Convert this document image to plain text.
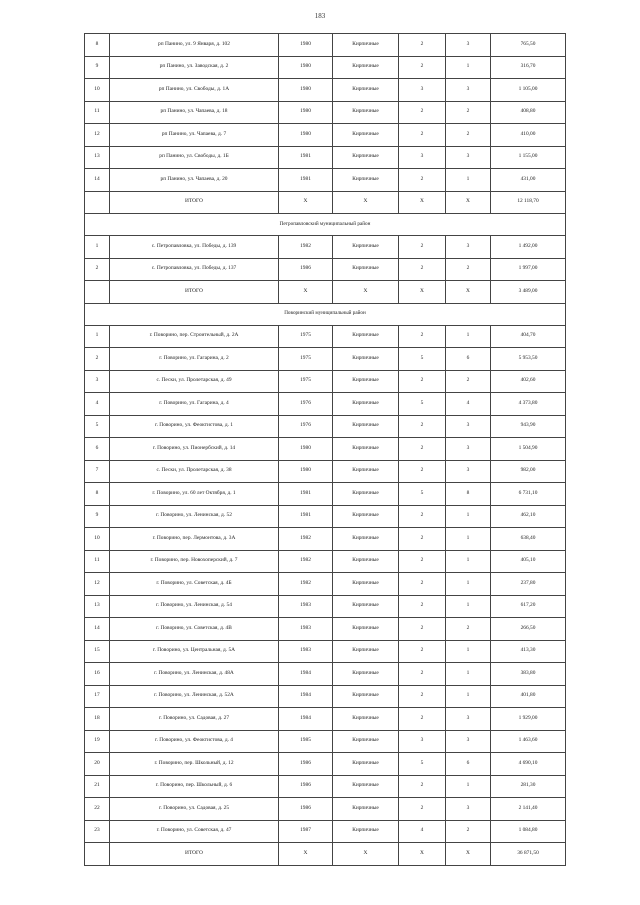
183
8	рп Панино, ул. 9 Января, д. 102	1980	Кирпичные	2	3	765,50
9	рп Панино, ул. Заводская, д. 2	1980	Кирпичные	2	1	316,70
10	рп Панино, ул. Свободы, д. 1А	1980	Кирпичные	3	3	1 105,00
11	рп Панино, ул. Чапаева, д. 18	1980	Кирпичные	2	2	408,80
12	рп Панино, ул. Чапаева, д. 7	1980	Кирпичные	2	2	410,00
13	рп Панино, ул. Свободы, д. 1Б	1981	Кирпичные	3	3	1 155,00
14	рп Панино, ул. Чапаева, д. 20	1981	Кирпичные	2	1	431,00
	ИТОГО	X	X	X	X	12 118,70
Петропавловский муниципальный район						
1	с. Петропавловка, ул. Победы, д. 139	1982	Кирпичные	2	3	1 492,00
2	с. Петропавловка, ул. Победы, д. 137	1986	Кирпичные	2	2	1 997,00
	ИТОГО	X	X	X	X	3 489,00
Поворинский муниципальный район						
1	г. Поворино, пер. Строительный, д. 2А	1975	Кирпичные	2	1	404,70
2	г. Поворино, ул. Гагарина, д. 2	1975	Кирпичные	5	6	5 953,50
3	с. Пески, ул. Пролетарская, д. 49	1975	Кирпичные	2	2	402,60
4	г. Поворино, ул. Гагарина, д. 4	1976	Кирпичные	5	4	4 373,80
5	г. Поворино, ул. Феоктистова, д. 1	1976	Кирпичные	2	3	943,90
6	г. Поворино, ул. Пионербский, д. 14	1980	Кирпичные	2	3	1 504,90
7	с. Пески, ул. Пролетарская, д. 38	1980	Кирпичные	2	3	982,00
8	г. Поворино, ул. 60 лет Октября, д. 1	1981	Кирпичные	5	8	6 731,10
9	г. Поворино, ул. Ленинская, д. 52	1981	Кирпичные	2	1	462,10
10	г. Поворино, пер. Лермонтова, д. 3А	1982	Кирпичные	2	1	638,40
11	г. Поворино, пер. Новохоперский, д. 7	1982	Кирпичные	2	1	405,10
12	г. Поворино, ул. Советская, д. 4Б	1982	Кирпичные	2	1	237,80
13	г. Поворино, ул. Ленинская, д. 54	1983	Кирпичные	2	1	617,20
14	г. Поворино, ул. Советская, д. 4В	1983	Кирпичные	2	2	266,50
15	г. Поворино, ул. Центральная, д. 5А	1983	Кирпичные	2	1	413,30
16	г. Поворино, ул. Ленинская, д. 48А	1984	Кирпичные	2	1	383,80
17	г. Поворино, ул. Ленинская, д. 52А	1984	Кирпичные	2	1	401,80
18	г. Поворино, ул. Садовая, д. 27	1984	Кирпичные	2	3	1 929,00
19	г. Поворино, ул. Феоктистова, д. 4	1985	Кирпичные	3	3	1 463,60
20	г. Поворино, пер. Школьный, д. 12	1986	Кирпичные	5	6	4 690,10
21	г. Поворино, пер. Школьный, д. 6	1986	Кирпичные	2	1	281,30
22	г. Поворино, ул. Садовая, д. 25	1986	Кирпичные	2	3	2 141,40
23	г. Поворино, ул. Советская, д. 47	1987	Кирпичные	4	2	1 084,80
	ИТОГО	X	X	X	X	36 871,50
